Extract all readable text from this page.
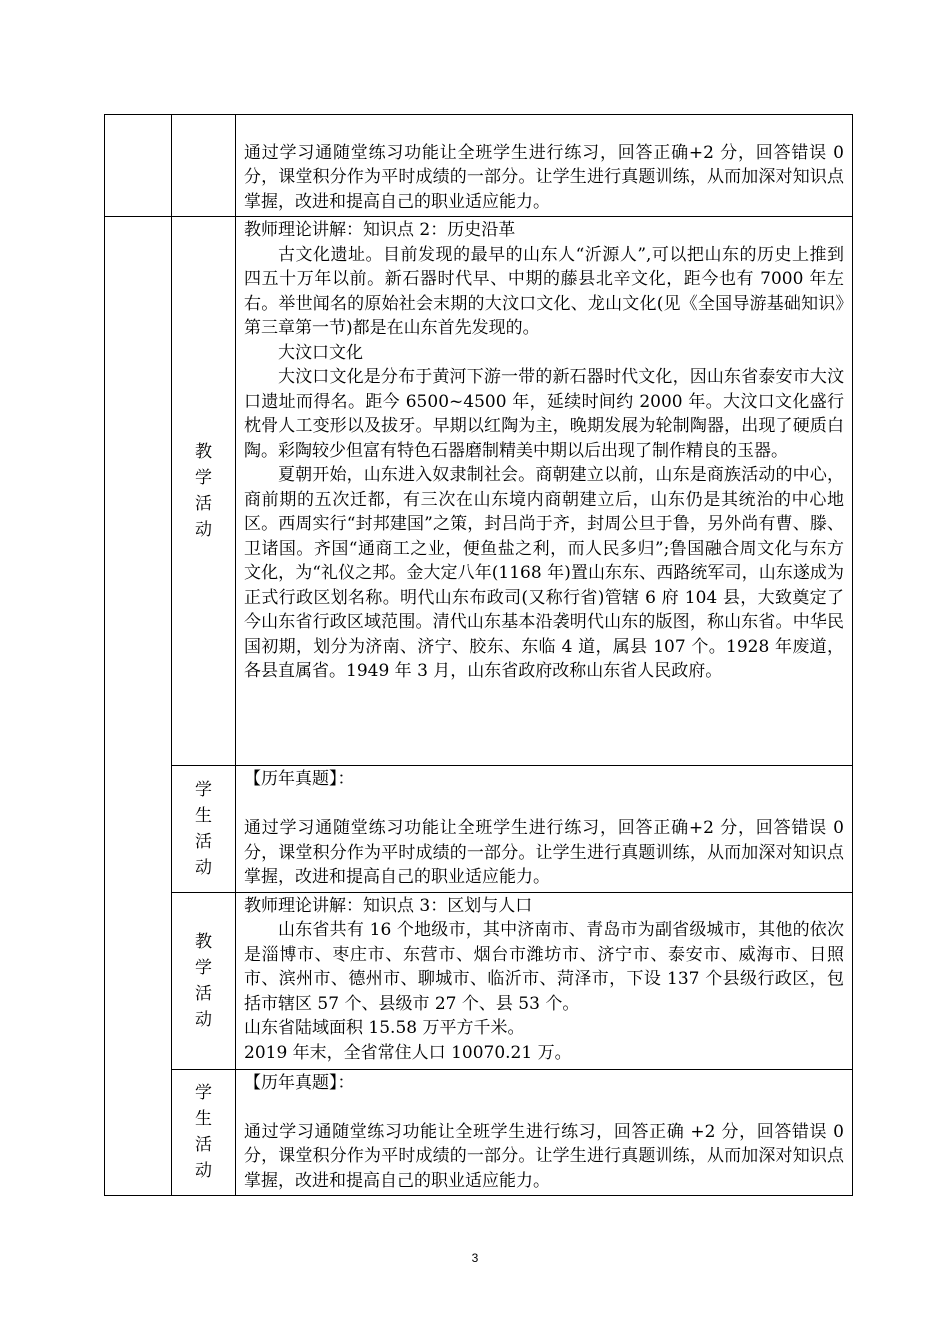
		通过学习通随堂练习功能让全班学生进行练习，回答正确+2 分，回答错误 0 分，课堂积分作为平时成绩的一部分。让学生进行真题训练，从而加深对知识点掌握，改进和提高自己的职业适应能力。

	教学活动	教师理论讲解：知识点 2：历史沿革

古文化遗址。目前发现的最早的山东人“沂源人”,可以把山东的历史上推到四五十万年以前。新石器时代早、中期的藤县北辛文化，距今也有 7000 年左右。举世闻名的原始社会末期的大汶口文化、龙山文化(见《全国导游基础知识》第三章第一节)都是在山东首先发现的。

大汶口文化

大汶口文化是分布于黄河下游一带的新石器时代文化，因山东省泰安市大汶口遗址而得名。距今 6500~4500 年，延续时间约 2000 年。大汶口文化盛行枕骨人工变形以及拔牙。早期以红陶为主，晚期发展为轮制陶器，出现了硬质白陶。彩陶较少但富有特色石器磨制精美中期以后出现了制作精良的玉器。

夏朝开始，山东进入奴隶制社会。商朝建立以前，山东是商族活动的中心，商前期的五次迁都，有三次在山东境内商朝建立后，山东仍是其统治的中心地区。西周实行“封邦建国”之策，封吕尚于齐，封周公旦于鲁，另外尚有曹、滕、卫诸国。齐国“通商工之业，便鱼盐之利，而人民多归”;鲁国融合周文化与东方文化，为“礼仪之邦。金大定八年(1168 年)置山东东、西路统军司，山东遂成为正式行政区划名称。明代山东布政司(又称行省)管辖 6 府 104 县，大致奠定了今山东省行政区域范围。清代山东基本沿袭明代山东的版图，称山东省。中华民国初期，划分为济南、济宁、胶东、东临 4 道，属县 107 个。1928 年废道，各县直属省。1949 年 3 月，山东省政府改称山东省人民政府。

	学生活动	【历年真题】：

通过学习通随堂练习功能让全班学生进行练习，回答正确+2 分，回答错误 0 分，课堂积分作为平时成绩的一部分。让学生进行真题训练，从而加深对知识点掌握，改进和提高自己的职业适应能力。

	教学活动	教师理论讲解：知识点 3：区划与人口

山东省共有 16 个地级市，其中济南市、青岛市为副省级城市，其他的依次是淄博市、枣庄市、东营市、烟台市潍坊市、济宁市、泰安市、威海市、日照市、滨州市、德州市、聊城市、临沂市、菏泽市，下设 137 个县级行政区，包括市辖区 57 个、县级市 27 个、县 53 个。

山东省陆域面积 15.58 万平方千米。

2019 年末，全省常住人口 10070.21 万。

	学生活动	【历年真题】：

通过学习通随堂练习功能让全班学生进行练习，回答正确 +2 分，回答错误 0 分，课堂积分作为平时成绩的一部分。让学生进行真题训练，从而加深对知识点掌握，改进和提高自己的职业适应能力。

3
